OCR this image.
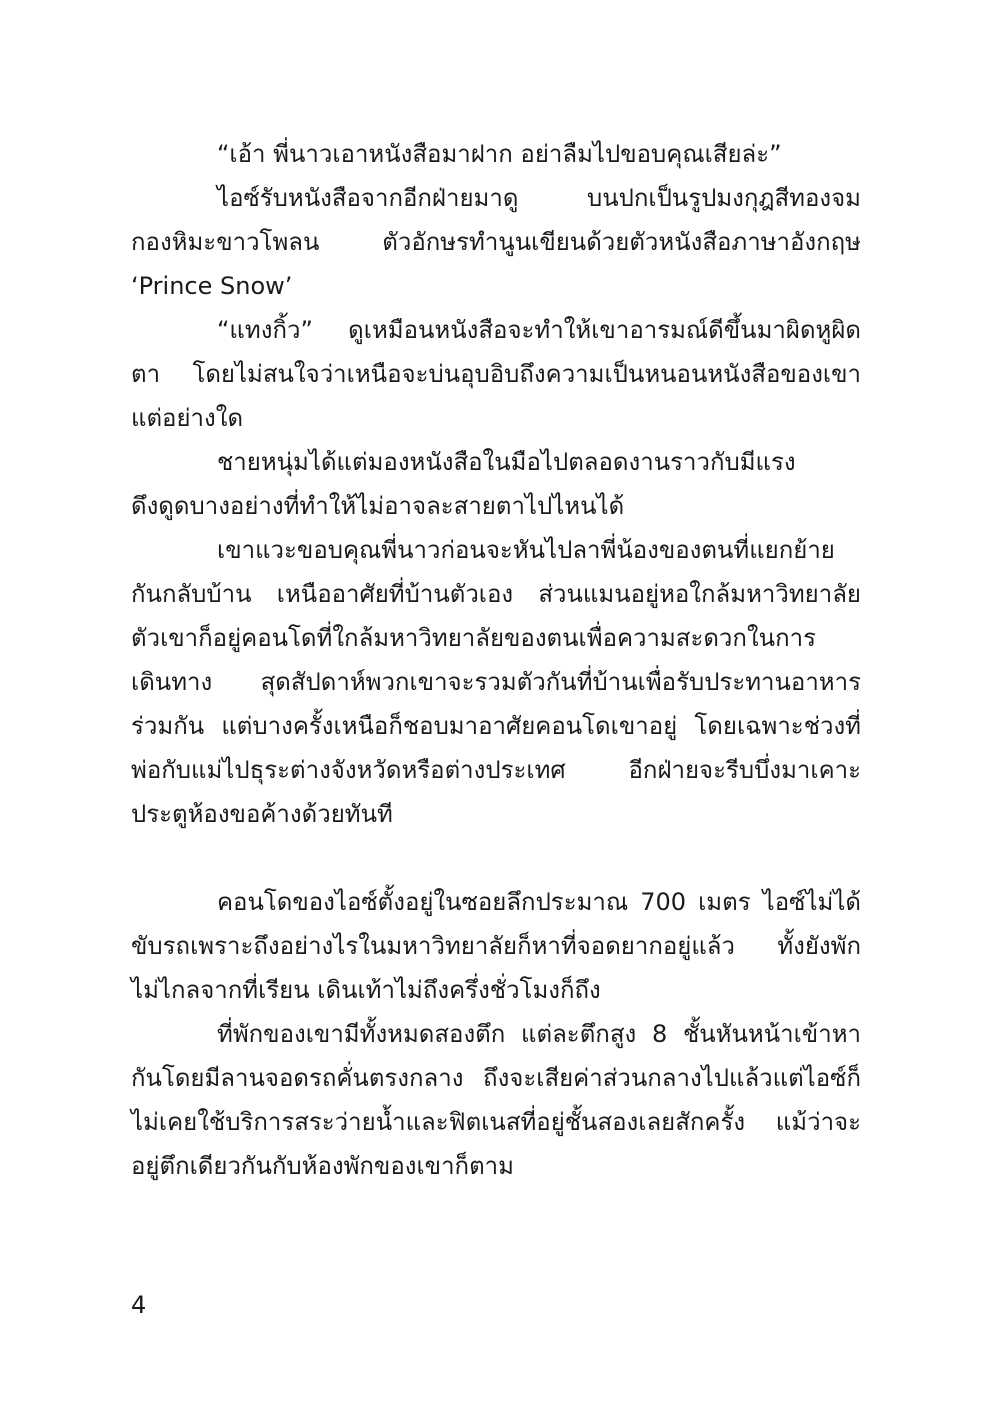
“เอ้า พี่นาวเอาหนังสือมาฝาก อย่าลืมไปขอบคุณเสียล่ะ”
ไอซ์รับหนังสือจากอีกฝ่ายมาดู บนปกเป็นรูปมงกุฎสีทองจม
กองหิมะขาวโพลน ตัวอักษรทำนูนเขียนด้วยตัวหนังสือภาษาอังกฤษ
‘Prince Snow’
“แทงกิ้ว” ดูเหมือนหนังสือจะทำให้เขาอารมณ์ดีขึ้นมาผิดหูผิด
ตา โดยไม่สนใจว่าเหนือจะบ่นอุบอิบถึงความเป็นหนอนหนังสือของเขา
แต่อย่างใด
ชายหนุ่มได้แต่มองหนังสือในมือไปตลอดงานราวกับมีแรง
ดึงดูดบางอย่างที่ทำให้ไม่อาจละสายตาไปไหนได้
เขาแวะขอบคุณพี่นาวก่อนจะหันไปลาพี่น้องของตนที่แยกย้าย
กันกลับบ้าน เหนืออาศัยที่บ้านตัวเอง ส่วนแมนอยู่หอใกล้มหาวิทยาลัย
ตัวเขาก็อยู่คอนโดที่ใกล้มหาวิทยาลัยของตนเพื่อความสะดวกในการ
เดินทาง สุดสัปดาห์พวกเขาจะรวมตัวกันที่บ้านเพื่อรับประทานอาหาร
ร่วมกัน แต่บางครั้งเหนือก็ชอบมาอาศัยคอนโดเขาอยู่ โดยเฉพาะช่วงที่
พ่อกับแม่ไปธุระต่างจังหวัดหรือต่างประเทศ อีกฝ่ายจะรีบบึ่งมาเคาะ
ประตูห้องขอค้างด้วยทันที
คอนโดของไอซ์ตั้งอยู่ในซอยลึกประมาณ 700 เมตร ไอซ์ไม่ได้
ขับรถเพราะถึงอย่างไรในมหาวิทยาลัยก็หาที่จอดยากอยู่แล้ว ทั้งยังพัก
ไม่ไกลจากที่เรียน เดินเท้าไม่ถึงครึ่งชั่วโมงก็ถึง
ที่พักของเขามีทั้งหมดสองตึก แต่ละตึกสูง 8 ชั้นหันหน้าเข้าหา
กันโดยมีลานจอดรถคั่นตรงกลาง ถึงจะเสียค่าส่วนกลางไปแล้วแต่ไอซ์ก็
ไม่เคยใช้บริการสระว่ายน้ำและฟิตเนสที่อยู่ชั้นสองเลยสักครั้ง แม้ว่าจะ
อยู่ตึกเดียวกันกับห้องพักของเขาก็ตาม
4
